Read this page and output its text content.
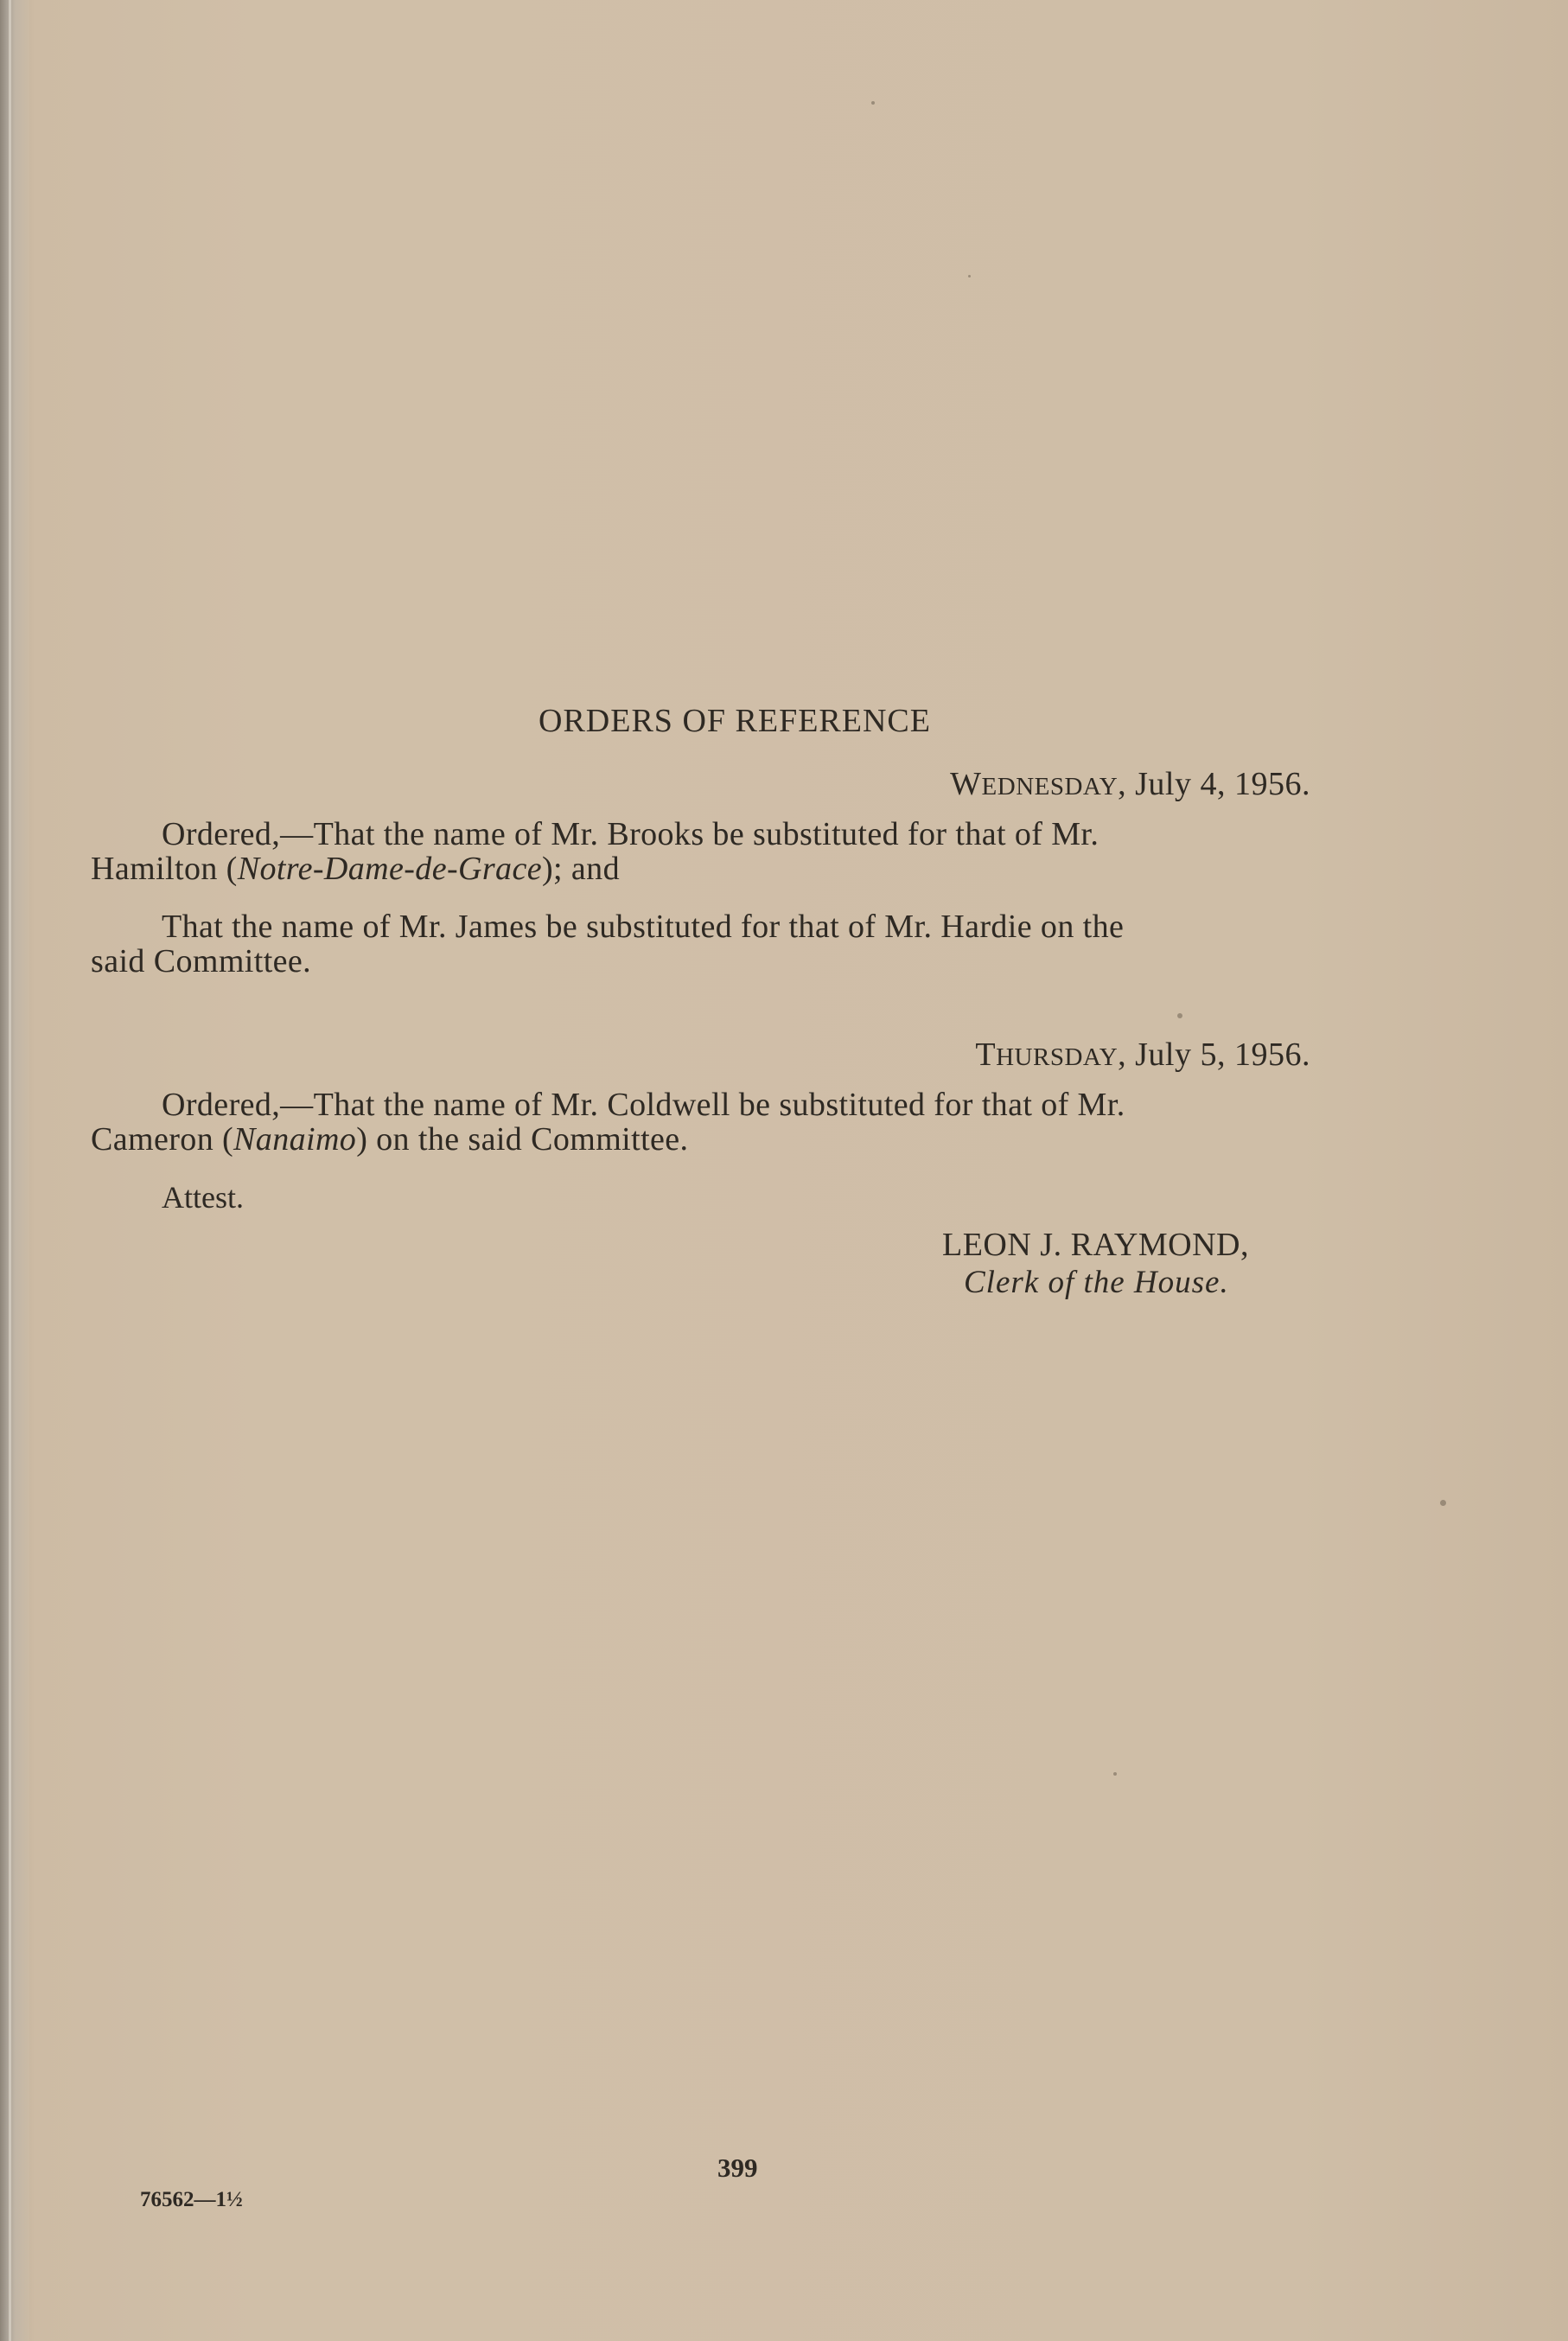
ORDERS OF REFERENCE
WEDNESDAY, July 4, 1956.
Ordered,—That the name of Mr. Brooks be substituted for that of Mr.
Hamilton (Notre-Dame-de-Grace); and
That the name of Mr. James be substituted for that of Mr. Hardie on the
said Committee.
THURSDAY, July 5, 1956.
Ordered,—That the name of Mr. Coldwell be substituted for that of Mr.
Cameron (Nanaimo) on the said Committee.
Attest.
LEON J. RAYMOND,
Clerk of the House.
399
76562—1½
